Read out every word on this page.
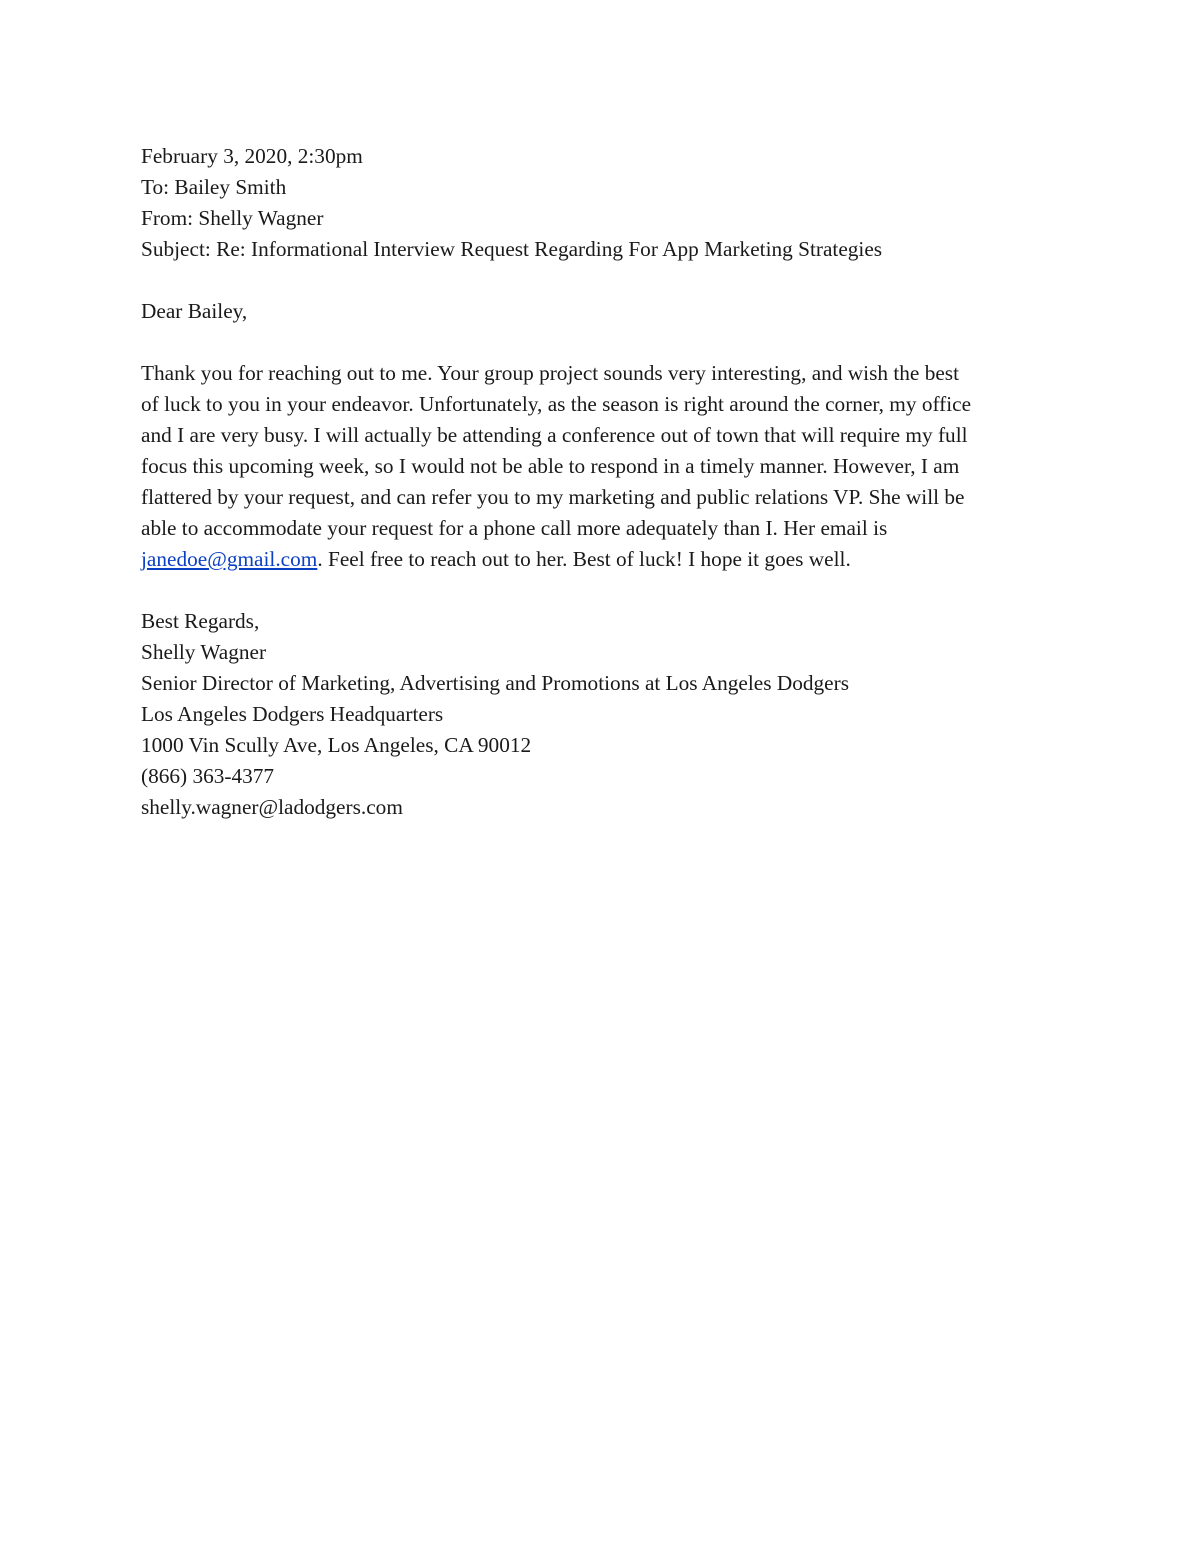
February 3, 2020, 2:30pm
To: Bailey Smith
From: Shelly Wagner
Subject: Re: Informational Interview Request Regarding For App Marketing Strategies
Dear Bailey,
Thank you for reaching out to me. Your group project sounds very interesting, and wish the best
of luck to you in your endeavor. Unfortunately, as the season is right around the corner, my office
and I are very busy. I will actually be attending a conference out of town that will require my full
focus this upcoming week, so I would not be able to respond in a timely manner. However, I am
flattered by your request, and can refer you to my marketing and public relations VP. She will be
able to accommodate your request for a phone call more adequately than I. Her email is
janedoe@gmail.com. Feel free to reach out to her. Best of luck! I hope it goes well.
Best Regards,
Shelly Wagner
Senior Director of Marketing, Advertising and Promotions at Los Angeles Dodgers
Los Angeles Dodgers Headquarters
1000 Vin Scully Ave, Los Angeles, CA 90012
(866) 363-4377
shelly.wagner@ladodgers.com
